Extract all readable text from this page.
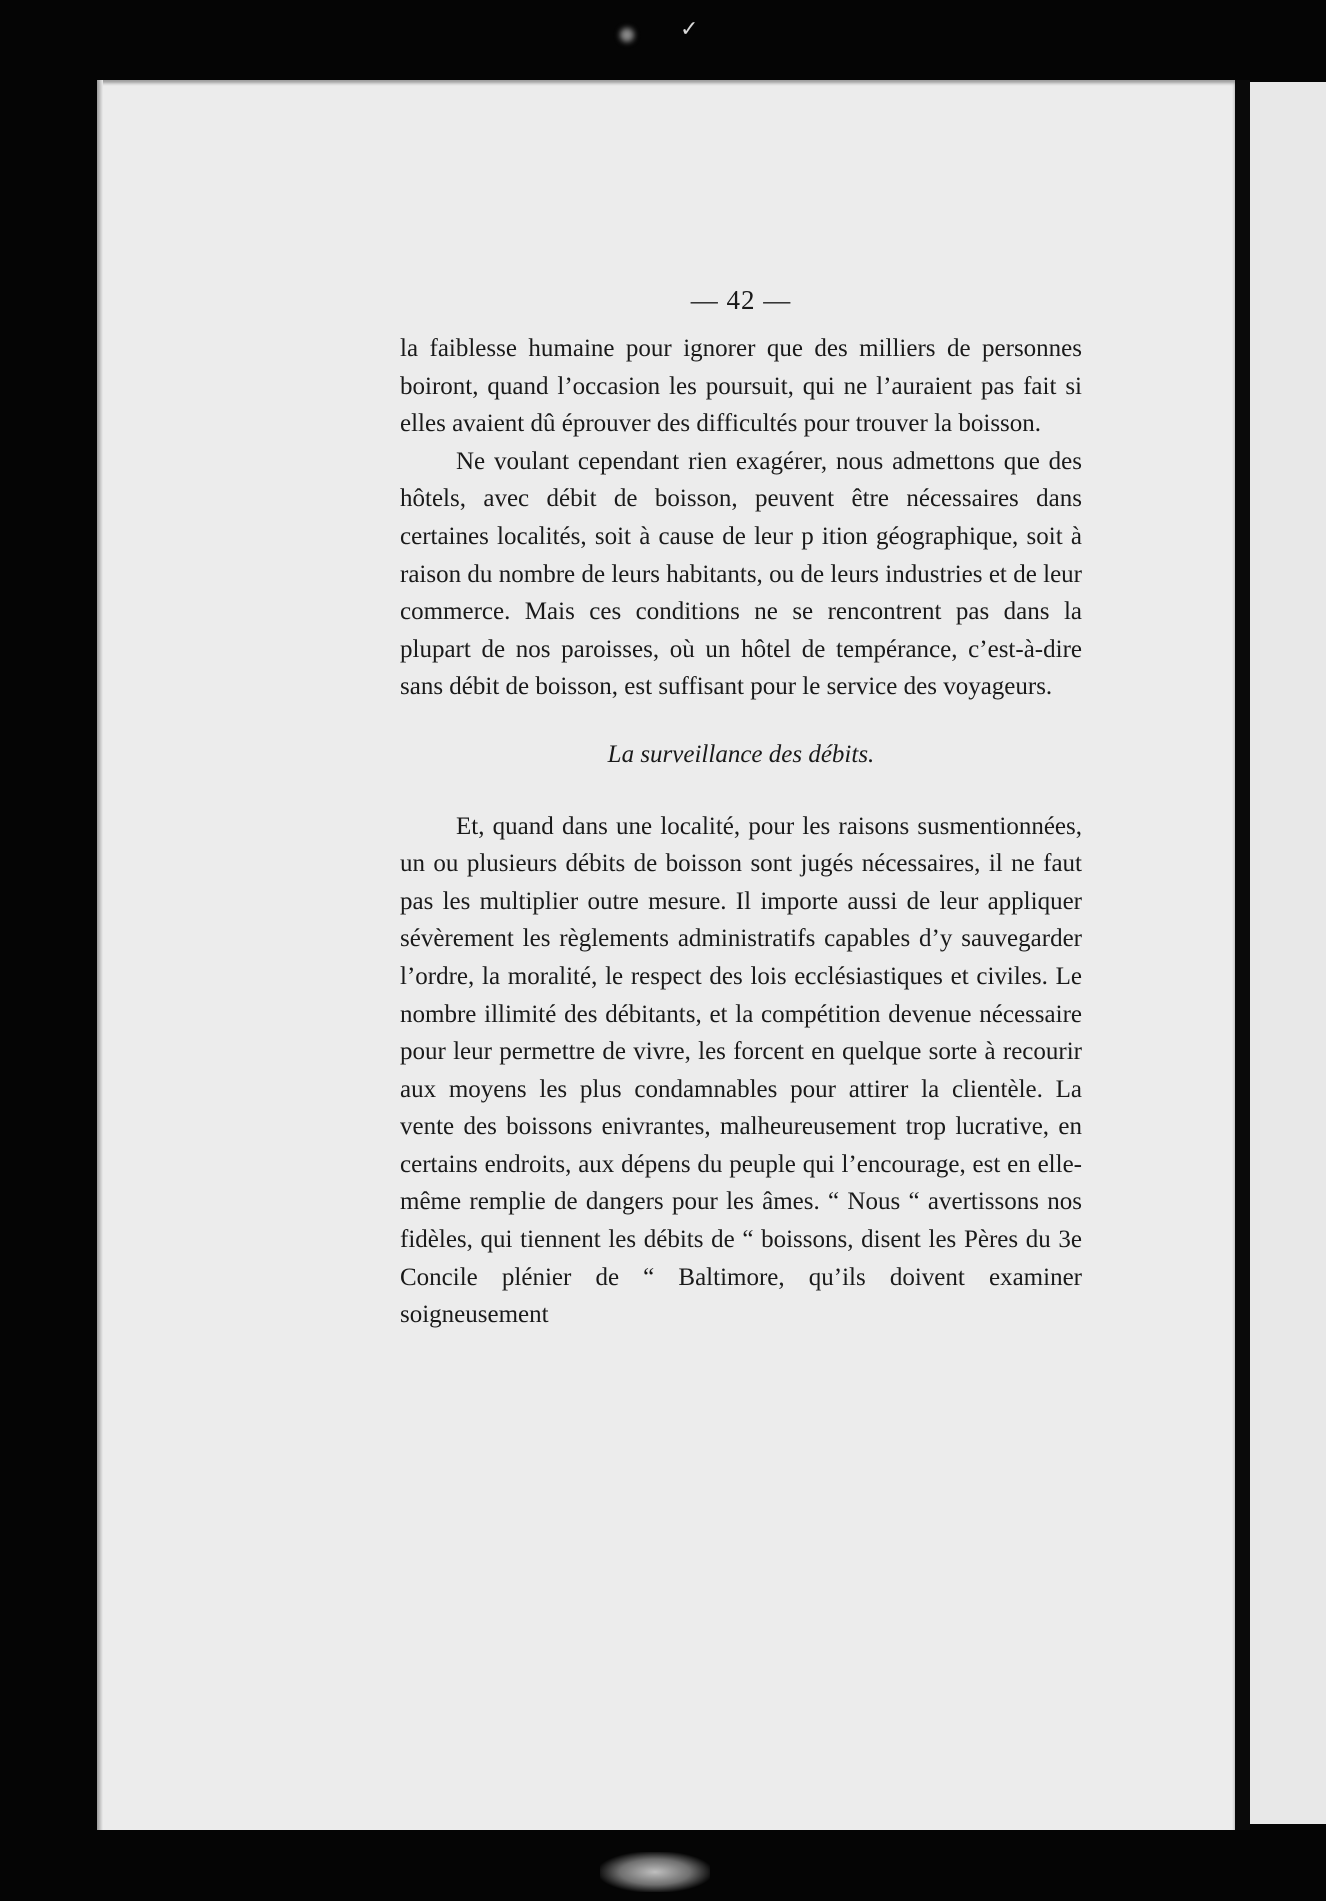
✓
— 42 —

la faiblesse humaine pour ignorer que des milliers de personnes boiront, quand l’occasion les poursuit, qui ne l’auraient pas fait si elles avaient dû éprouver des difficultés pour trouver la boisson.

Ne voulant cependant rien exagérer, nous admettons que des hôtels, avec débit de boisson, peuvent être nécessaires dans certaines localités, soit à cause de leur p ition géographique, soit à raison du nombre de leurs habitants, ou de leurs industries et de leur commerce. Mais ces conditions ne se rencontrent pas dans la plupart de nos paroisses, où un hôtel de tempérance, c’est-à-dire sans débit de boisson, est suffisant pour le service des voyageurs.

La surveillance des débits.

Et, quand dans une localité, pour les raisons susmentionnées, un ou plusieurs débits de boisson sont jugés nécessaires, il ne faut pas les multiplier outre mesure. Il importe aussi de leur appliquer sévèrement les règlements administratifs capables d’y sauvegarder l’ordre, la moralité, le respect des lois ecclésiastiques et civiles. Le nombre illimité des débitants, et la compétition devenue nécessaire pour leur permettre de vivre, les forcent en quelque sorte à recourir aux moyens les plus condamnables pour attirer la clientèle. La vente des boissons enivrantes, malheureusement trop lucrative, en certains endroits, aux dépens du peuple qui l’encourage, est en elle-même remplie de dangers pour les âmes. “ Nous “ avertissons nos fidèles, qui tiennent les débits de “ boissons, disent les Pères du 3e Concile plénier de “ Baltimore, qu’ils doivent examiner soigneusement
